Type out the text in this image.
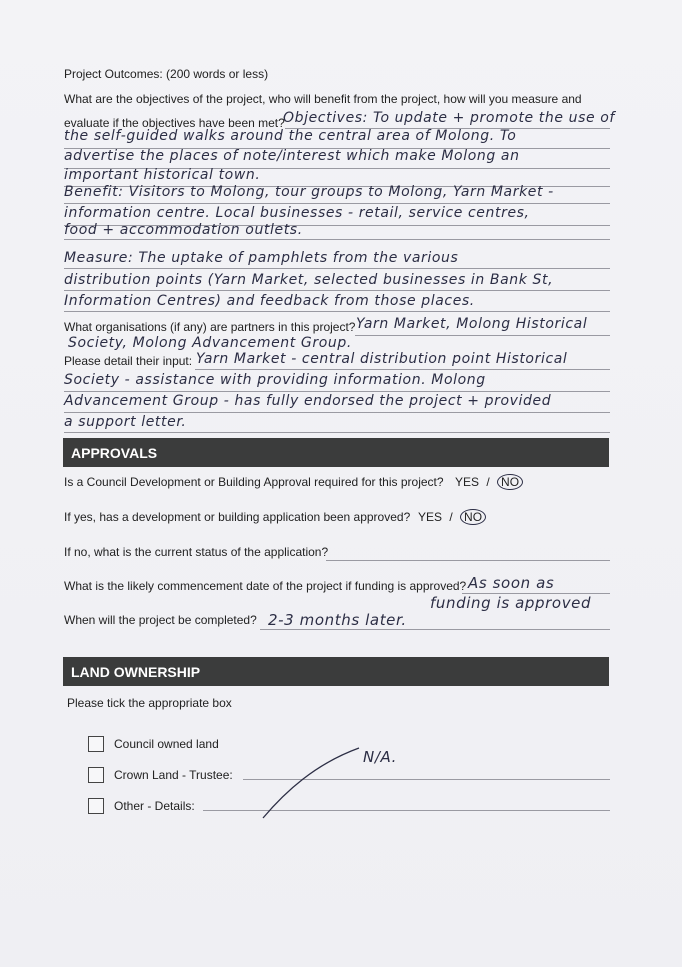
Project Outcomes: (200 words or less)
What are the objectives of the project, who will benefit from the project, how will you measure and
evaluate if the objectives have been met?
Objectives: To update + promote the use of
the self-guided walks around the central area of Molong. To
advertise the places of note/interest which make Molong an
important historical town.
Benefit: Visitors to Molong, tour groups to Molong, Yarn Market -
information centre. Local businesses - retail, service centres,
food + accommodation outlets.
Measure: The uptake of pamphlets from the various
distribution points (Yarn Market, selected businesses in Bank St,
Information Centres) and feedback from those places.
What organisations (if any) are partners in this project? Yarn Market, Molong Historical
Society, Molong Advancement Group.
Please detail their input: Yarn Market - central distribution point Historical
Society - assistance with providing information. Molong
Advancement Group - has fully endorsed the project + provided
a support letter.
APPROVALS
Is a Council Development or Building Approval required for this project? YES / NO
If yes, has a development or building application been approved? YES / NO
If no, what is the current status of the application?
What is the likely commencement date of the project if funding is approved? As soon as
funding is approved
When will the project be completed? 2-3 months later.
LAND OWNERSHIP
Please tick the appropriate box
Council owned land
Crown Land - Trustee:
Other - Details:
N/A.
